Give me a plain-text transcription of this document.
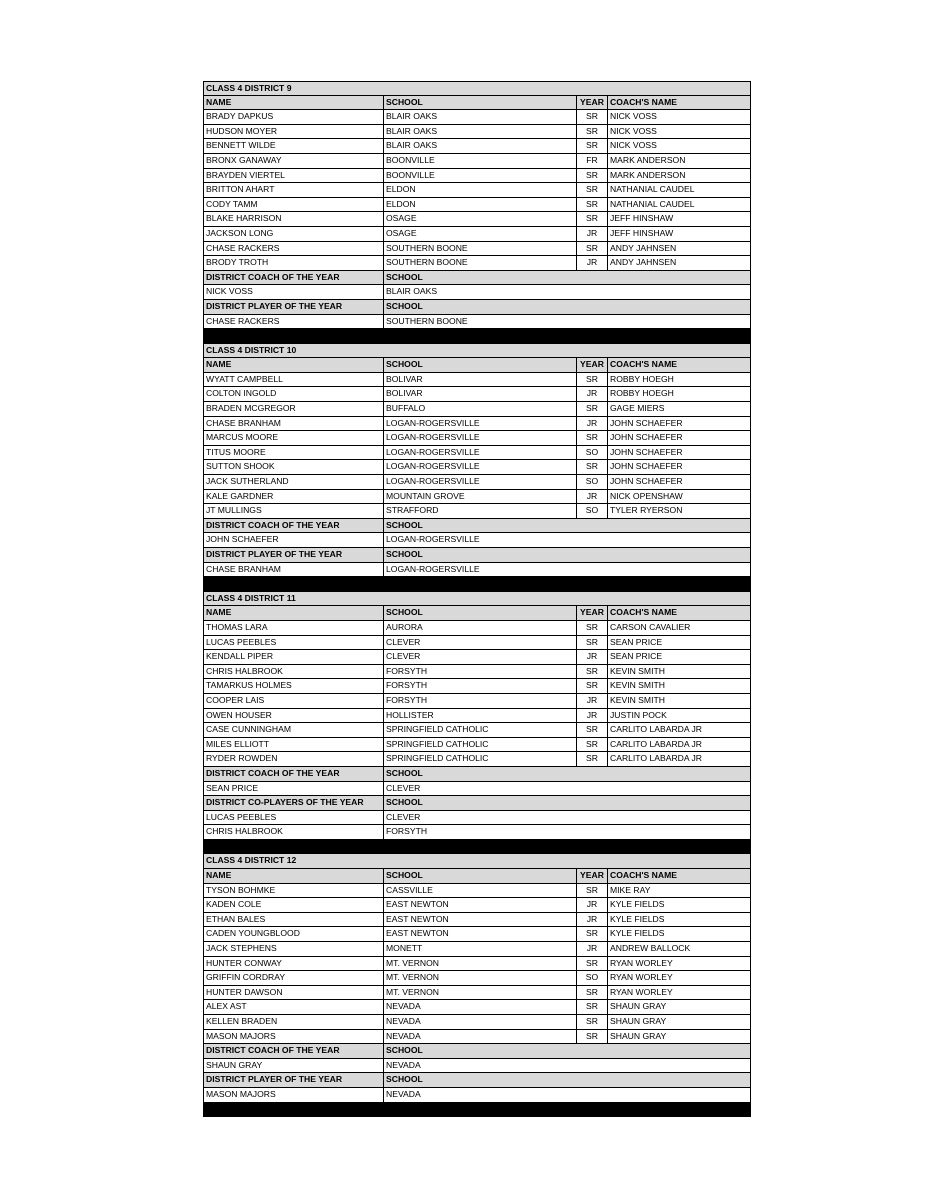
CLASS 4 DISTRICT 9
NAME	SCHOOL	YEAR COACH'S NAME
BRADY DAPKUS	BLAIR OAKS	SR	NICK VOSS
HUDSON MOYER	BLAIR OAKS	SR	NICK VOSS
BENNETT WILDE	BLAIR OAKS	SR	NICK VOSS
BRONX GANAWAY	BOONVILLE	FR	MARK ANDERSON
BRAYDEN VIERTEL	BOONVILLE	SR	MARK ANDERSON
BRITTON AHART	ELDON	SR	NATHANIAL CAUDEL
CODY TAMM	ELDON	SR	NATHANIAL CAUDEL
BLAKE HARRISON	OSAGE	SR	JEFF HINSHAW
JACKSON LONG	OSAGE	JR	JEFF HINSHAW
CHASE RACKERS	SOUTHERN BOONE	SR	ANDY JAHNSEN
BRODY TROTH	SOUTHERN BOONE	JR	ANDY JAHNSEN
DISTRICT COACH OF THE YEAR	SCHOOL
NICK VOSS	BLAIR OAKS
DISTRICT PLAYER OF THE YEAR	SCHOOL
CHASE RACKERS	SOUTHERN BOONE
CLASS 4 DISTRICT 10
NAME	SCHOOL	YEAR COACH'S NAME
WYATT CAMPBELL	BOLIVAR	SR	ROBBY HOEGH
COLTON INGOLD	BOLIVAR	JR	ROBBY HOEGH
BRADEN MCGREGOR	BUFFALO	SR	GAGE MIERS
CHASE BRANHAM	LOGAN-ROGERSVILLE	JR	JOHN SCHAEFER
MARCUS MOORE	LOGAN-ROGERSVILLE	SR	JOHN SCHAEFER
TITUS MOORE	LOGAN-ROGERSVILLE	SO	JOHN SCHAEFER
SUTTON SHOOK	LOGAN-ROGERSVILLE	SR	JOHN SCHAEFER
JACK SUTHERLAND	LOGAN-ROGERSVILLE	SO	JOHN SCHAEFER
KALE GARDNER	MOUNTAIN GROVE	JR	NICK OPENSHAW
JT MULLINGS	STRAFFORD	SO	TYLER RYERSON
DISTRICT COACH OF THE YEAR	SCHOOL
JOHN SCHAEFER	LOGAN-ROGERSVILLE
DISTRICT PLAYER OF THE YEAR	SCHOOL
CHASE BRANHAM	LOGAN-ROGERSVILLE
CLASS 4 DISTRICT 11
NAME	SCHOOL	YEAR COACH'S NAME
THOMAS LARA	AURORA	SR	CARSON CAVALIER
LUCAS PEEBLES	CLEVER	SR	SEAN PRICE
KENDALL PIPER	CLEVER	JR	SEAN PRICE
CHRIS HALBROOK	FORSYTH	SR	KEVIN SMITH
TAMARKUS HOLMES	FORSYTH	SR	KEVIN SMITH
COOPER LAIS	FORSYTH	JR	KEVIN SMITH
OWEN HOUSER	HOLLISTER	JR	JUSTIN POCK
CASE CUNNINGHAM	SPRINGFIELD CATHOLIC	SR	CARLITO LABARDA JR
MILES ELLIOTT	SPRINGFIELD CATHOLIC	SR	CARLITO LABARDA JR
RYDER ROWDEN	SPRINGFIELD CATHOLIC	SR	CARLITO LABARDA JR
DISTRICT COACH OF THE YEAR	SCHOOL
SEAN PRICE	CLEVER
DISTRICT CO-PLAYERS OF THE YEAR	SCHOOL
LUCAS PEEBLES	CLEVER
CHRIS HALBROOK	FORSYTH
CLASS 4 DISTRICT 12
NAME	SCHOOL	YEAR COACH'S NAME
TYSON BOHMKE	CASSVILLE	SR	MIKE RAY
KADEN COLE	EAST NEWTON	JR	KYLE FIELDS
ETHAN BALES	EAST NEWTON	JR	KYLE FIELDS
CADEN YOUNGBLOOD	EAST NEWTON	SR	KYLE FIELDS
JACK STEPHENS	MONETT	JR	ANDREW BALLOCK
HUNTER CONWAY	MT. VERNON	SR	RYAN WORLEY
GRIFFIN CORDRAY	MT. VERNON	SO	RYAN WORLEY
HUNTER DAWSON	MT. VERNON	SR	RYAN WORLEY
ALEX AST	NEVADA	SR	SHAUN GRAY
KELLEN BRADEN	NEVADA	SR	SHAUN GRAY
MASON MAJORS	NEVADA	SR	SHAUN GRAY
DISTRICT COACH OF THE YEAR	SCHOOL
SHAUN GRAY	NEVADA
DISTRICT PLAYER OF THE YEAR	SCHOOL
MASON MAJORS	NEVADA
